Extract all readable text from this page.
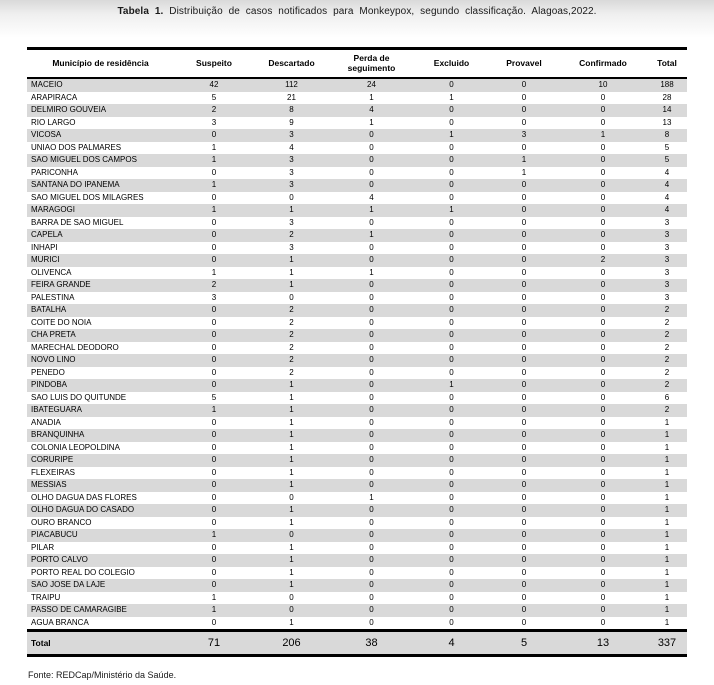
Tabela 1. Distribuição de casos notificados para Monkeypox, segundo classificação. Alagoas,2022.
Município de residência	Suspeito	Descartado	Perda de seguimento	Excluido	Provavel	Confirmado	Total
MACEIO	42	112	24	0	0	10	188
ARAPIRACA	5	21	1	1	0	0	28
DELMIRO GOUVEIA	2	8	4	0	0	0	14
RIO LARGO	3	9	1	0	0	0	13
VICOSA	0	3	0	1	3	1	8
UNIAO DOS PALMARES	1	4	0	0	0	0	5
SAO MIGUEL DOS CAMPOS	1	3	0	0	1	0	5
PARICONHA	0	3	0	0	1	0	4
SANTANA DO IPANEMA	1	3	0	0	0	0	4
SAO MIGUEL DOS MILAGRES	0	0	4	0	0	0	4
MARAGOGI	1	1	1	1	0	0	4
BARRA DE SAO MIGUEL	0	3	0	0	0	0	3
CAPELA	0	2	1	0	0	0	3
INHAPI	0	3	0	0	0	0	3
MURICI	0	1	0	0	0	2	3
OLIVENCA	1	1	1	0	0	0	3
FEIRA GRANDE	2	1	0	0	0	0	3
PALESTINA	3	0	0	0	0	0	3
BATALHA	0	2	0	0	0	0	2
COITE DO NOIA	0	2	0	0	0	0	2
CHA PRETA	0	2	0	0	0	0	2
MARECHAL DEODORO	0	2	0	0	0	0	2
NOVO LINO	0	2	0	0	0	0	2
PENEDO	0	2	0	0	0	0	2
PINDOBA	0	1	0	1	0	0	2
SAO LUIS DO QUITUNDE	5	1	0	0	0	0	6
IBATEGUARA	1	1	0	0	0	0	2
ANADIA	0	1	0	0	0	0	1
BRANQUINHA	0	1	0	0	0	0	1
COLONIA LEOPOLDINA	0	1	0	0	0	0	1
CORURIPE	0	1	0	0	0	0	1
FLEXEIRAS	0	1	0	0	0	0	1
MESSIAS	0	1	0	0	0	0	1
OLHO DAGUA DAS FLORES	0	0	1	0	0	0	1
OLHO DAGUA DO CASADO	0	1	0	0	0	0	1
OURO BRANCO	0	1	0	0	0	0	1
PIACABUCU	1	0	0	0	0	0	1
PILAR	0	1	0	0	0	0	1
PORTO CALVO	0	1	0	0	0	0	1
PORTO REAL DO COLEGIO	0	1	0	0	0	0	1
SAO JOSE DA LAJE	0	1	0	0	0	0	1
TRAIPU	1	0	0	0	0	0	1
PASSO DE CAMARAGIBE	1	0	0	0	0	0	1
AGUA BRANCA	0	1	0	0	0	0	1
Total	71	206	38	4	5	13	337
Fonte: REDCap/Ministério da Saúde.
